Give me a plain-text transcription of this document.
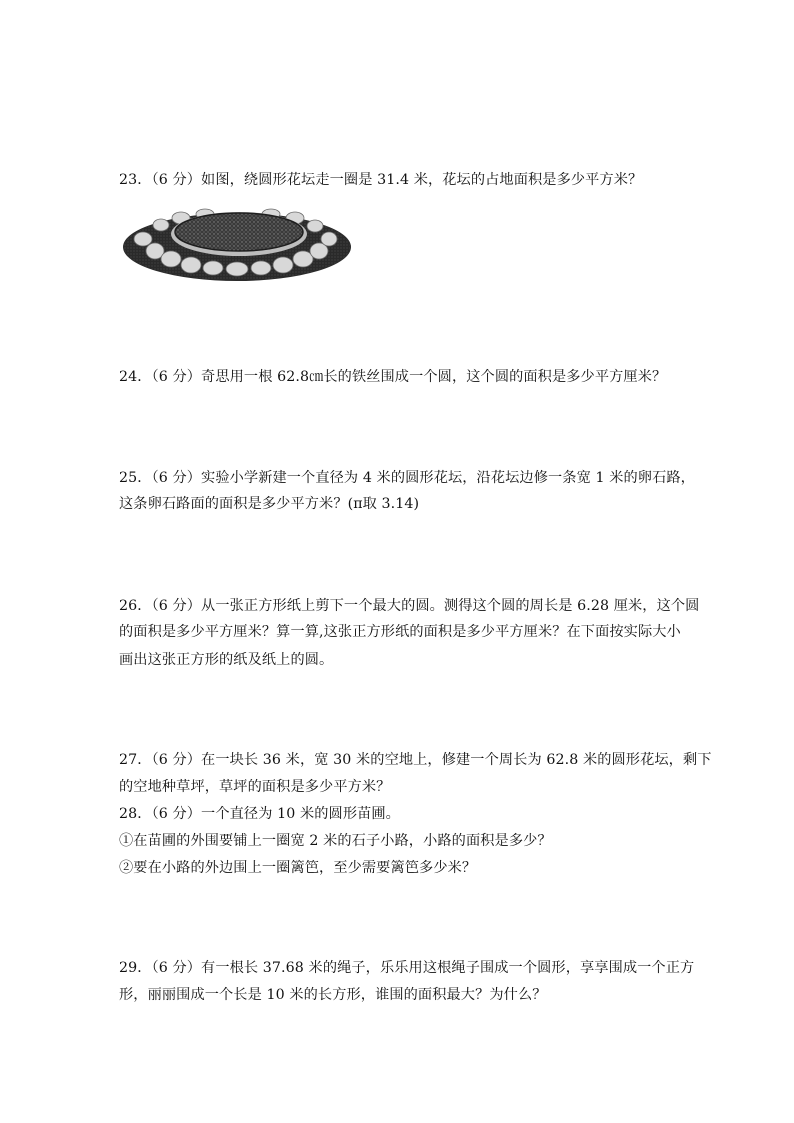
23．（6 分）如图，绕圆形花坛走一圈是 31.4 米，花坛的占地面积是多少平方米？
24．（6 分）奇思用一根 62.8㎝长的铁丝围成一个圆，这个圆的面积是多少平方厘米？
25．（6 分）实验小学新建一个直径为 4 米的圆形花坛，沿花坛边修一条宽 1 米的卵石路，
这条卵石路面的面积是多少平方米？(π取 3.14)
26．（6 分）从一张正方形纸上剪下一个最大的圆。测得这个圆的周长是 6.28 厘米，这个圆
的面积是多少平方厘米？算一算,这张正方形纸的面积是多少平方厘米？在下面按实际大小
画出这张正方形的纸及纸上的圆。
27．（6 分）在一块长 36 米，宽 30 米的空地上，修建一个周长为 62.8 米的圆形花坛，剩下
的空地种草坪，草坪的面积是多少平方米？
28．（6 分）一个直径为 10 米的圆形苗圃。
①在苗圃的外围要铺上一圈宽 2 米的石子小路，小路的面积是多少？
②要在小路的外边围上一圈篱笆，至少需要篱笆多少米？
29．（6 分）有一根长 37.68 米的绳子，乐乐用这根绳子围成一个圆形，享享围成一个正方
形，丽丽围成一个长是 10 米的长方形，谁围的面积最大？为什么？
